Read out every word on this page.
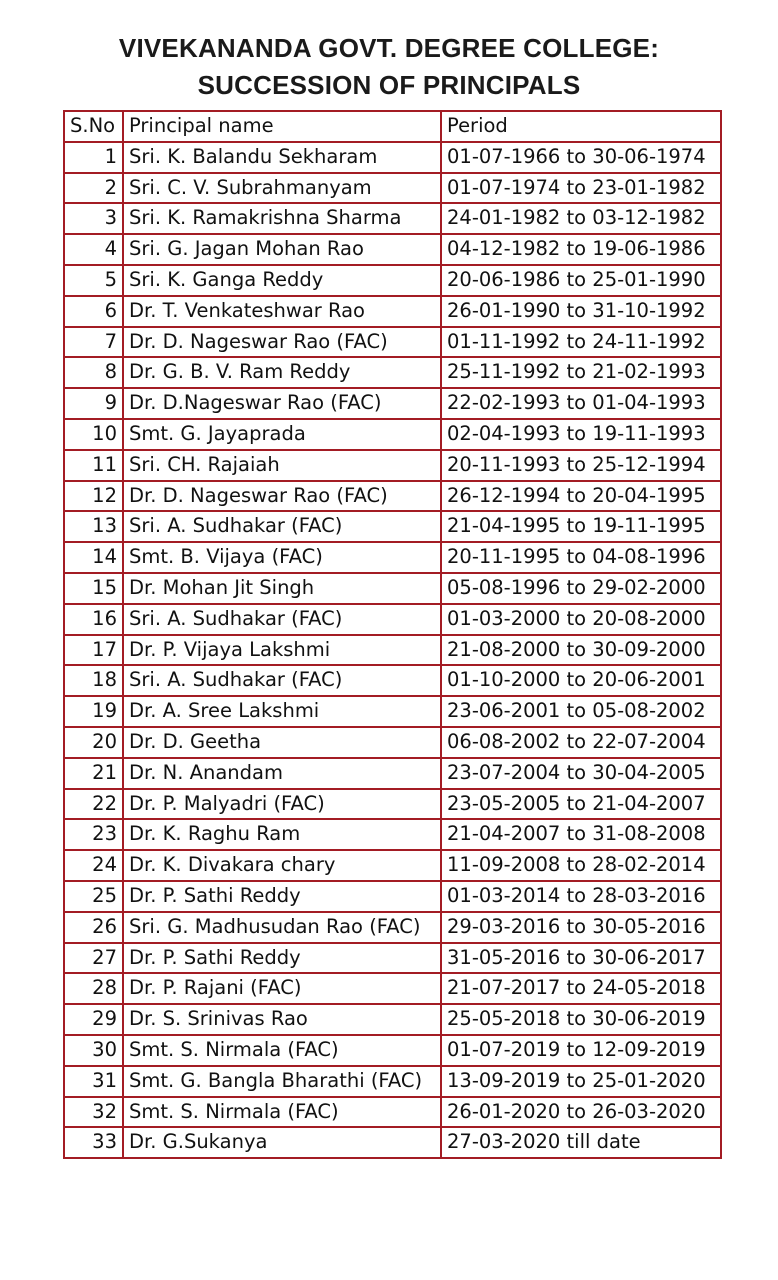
VIVEKANANDA GOVT. DEGREE COLLEGE:
SUCCESSION OF PRINCIPALS
S.No	Principal name	Period
1	Sri. K. Balandu Sekharam	01-07-1966 to 30-06-1974
2	Sri. C. V. Subrahmanyam	01-07-1974 to 23-01-1982
3	Sri. K. Ramakrishna Sharma	24-01-1982 to 03-12-1982
4	Sri. G. Jagan Mohan Rao	04-12-1982 to 19-06-1986
5	Sri. K. Ganga Reddy	20-06-1986 to 25-01-1990
6	Dr. T. Venkateshwar Rao	26-01-1990 to 31-10-1992
7	Dr. D. Nageswar Rao (FAC)	01-11-1992 to 24-11-1992
8	Dr. G. B. V. Ram Reddy	25-11-1992 to 21-02-1993
9	Dr. D.Nageswar Rao (FAC)	22-02-1993 to 01-04-1993
10	Smt. G. Jayaprada	02-04-1993 to 19-11-1993
11	Sri. CH. Rajaiah	20-11-1993 to 25-12-1994
12	Dr. D. Nageswar Rao (FAC)	26-12-1994 to 20-04-1995
13	Sri. A. Sudhakar (FAC)	21-04-1995 to 19-11-1995
14	Smt. B. Vijaya (FAC)	20-11-1995 to 04-08-1996
15	Dr. Mohan Jit Singh	05-08-1996 to 29-02-2000
16	Sri. A. Sudhakar (FAC)	01-03-2000 to 20-08-2000
17	Dr. P. Vijaya Lakshmi	21-08-2000 to 30-09-2000
18	Sri. A. Sudhakar (FAC)	01-10-2000 to 20-06-2001
19	Dr. A. Sree Lakshmi	23-06-2001 to 05-08-2002
20	Dr. D. Geetha	06-08-2002 to 22-07-2004
21	Dr. N. Anandam	23-07-2004 to 30-04-2005
22	Dr. P. Malyadri (FAC)	23-05-2005 to 21-04-2007
23	Dr. K. Raghu Ram	21-04-2007 to 31-08-2008
24	Dr. K. Divakara chary	11-09-2008 to 28-02-2014
25	Dr. P. Sathi Reddy	01-03-2014 to 28-03-2016
26	Sri. G. Madhusudan Rao (FAC)	29-03-2016 to 30-05-2016
27	Dr. P. Sathi Reddy	31-05-2016 to 30-06-2017
28	Dr. P. Rajani (FAC)	21-07-2017 to 24-05-2018
29	Dr. S. Srinivas Rao	25-05-2018 to 30-06-2019
30	Smt. S. Nirmala (FAC)	01-07-2019 to 12-09-2019
31	Smt. G. Bangla Bharathi (FAC)	13-09-2019 to 25-01-2020
32	Smt. S. Nirmala (FAC)	26-01-2020 to 26-03-2020
33	Dr. G.Sukanya	27-03-2020 till date
